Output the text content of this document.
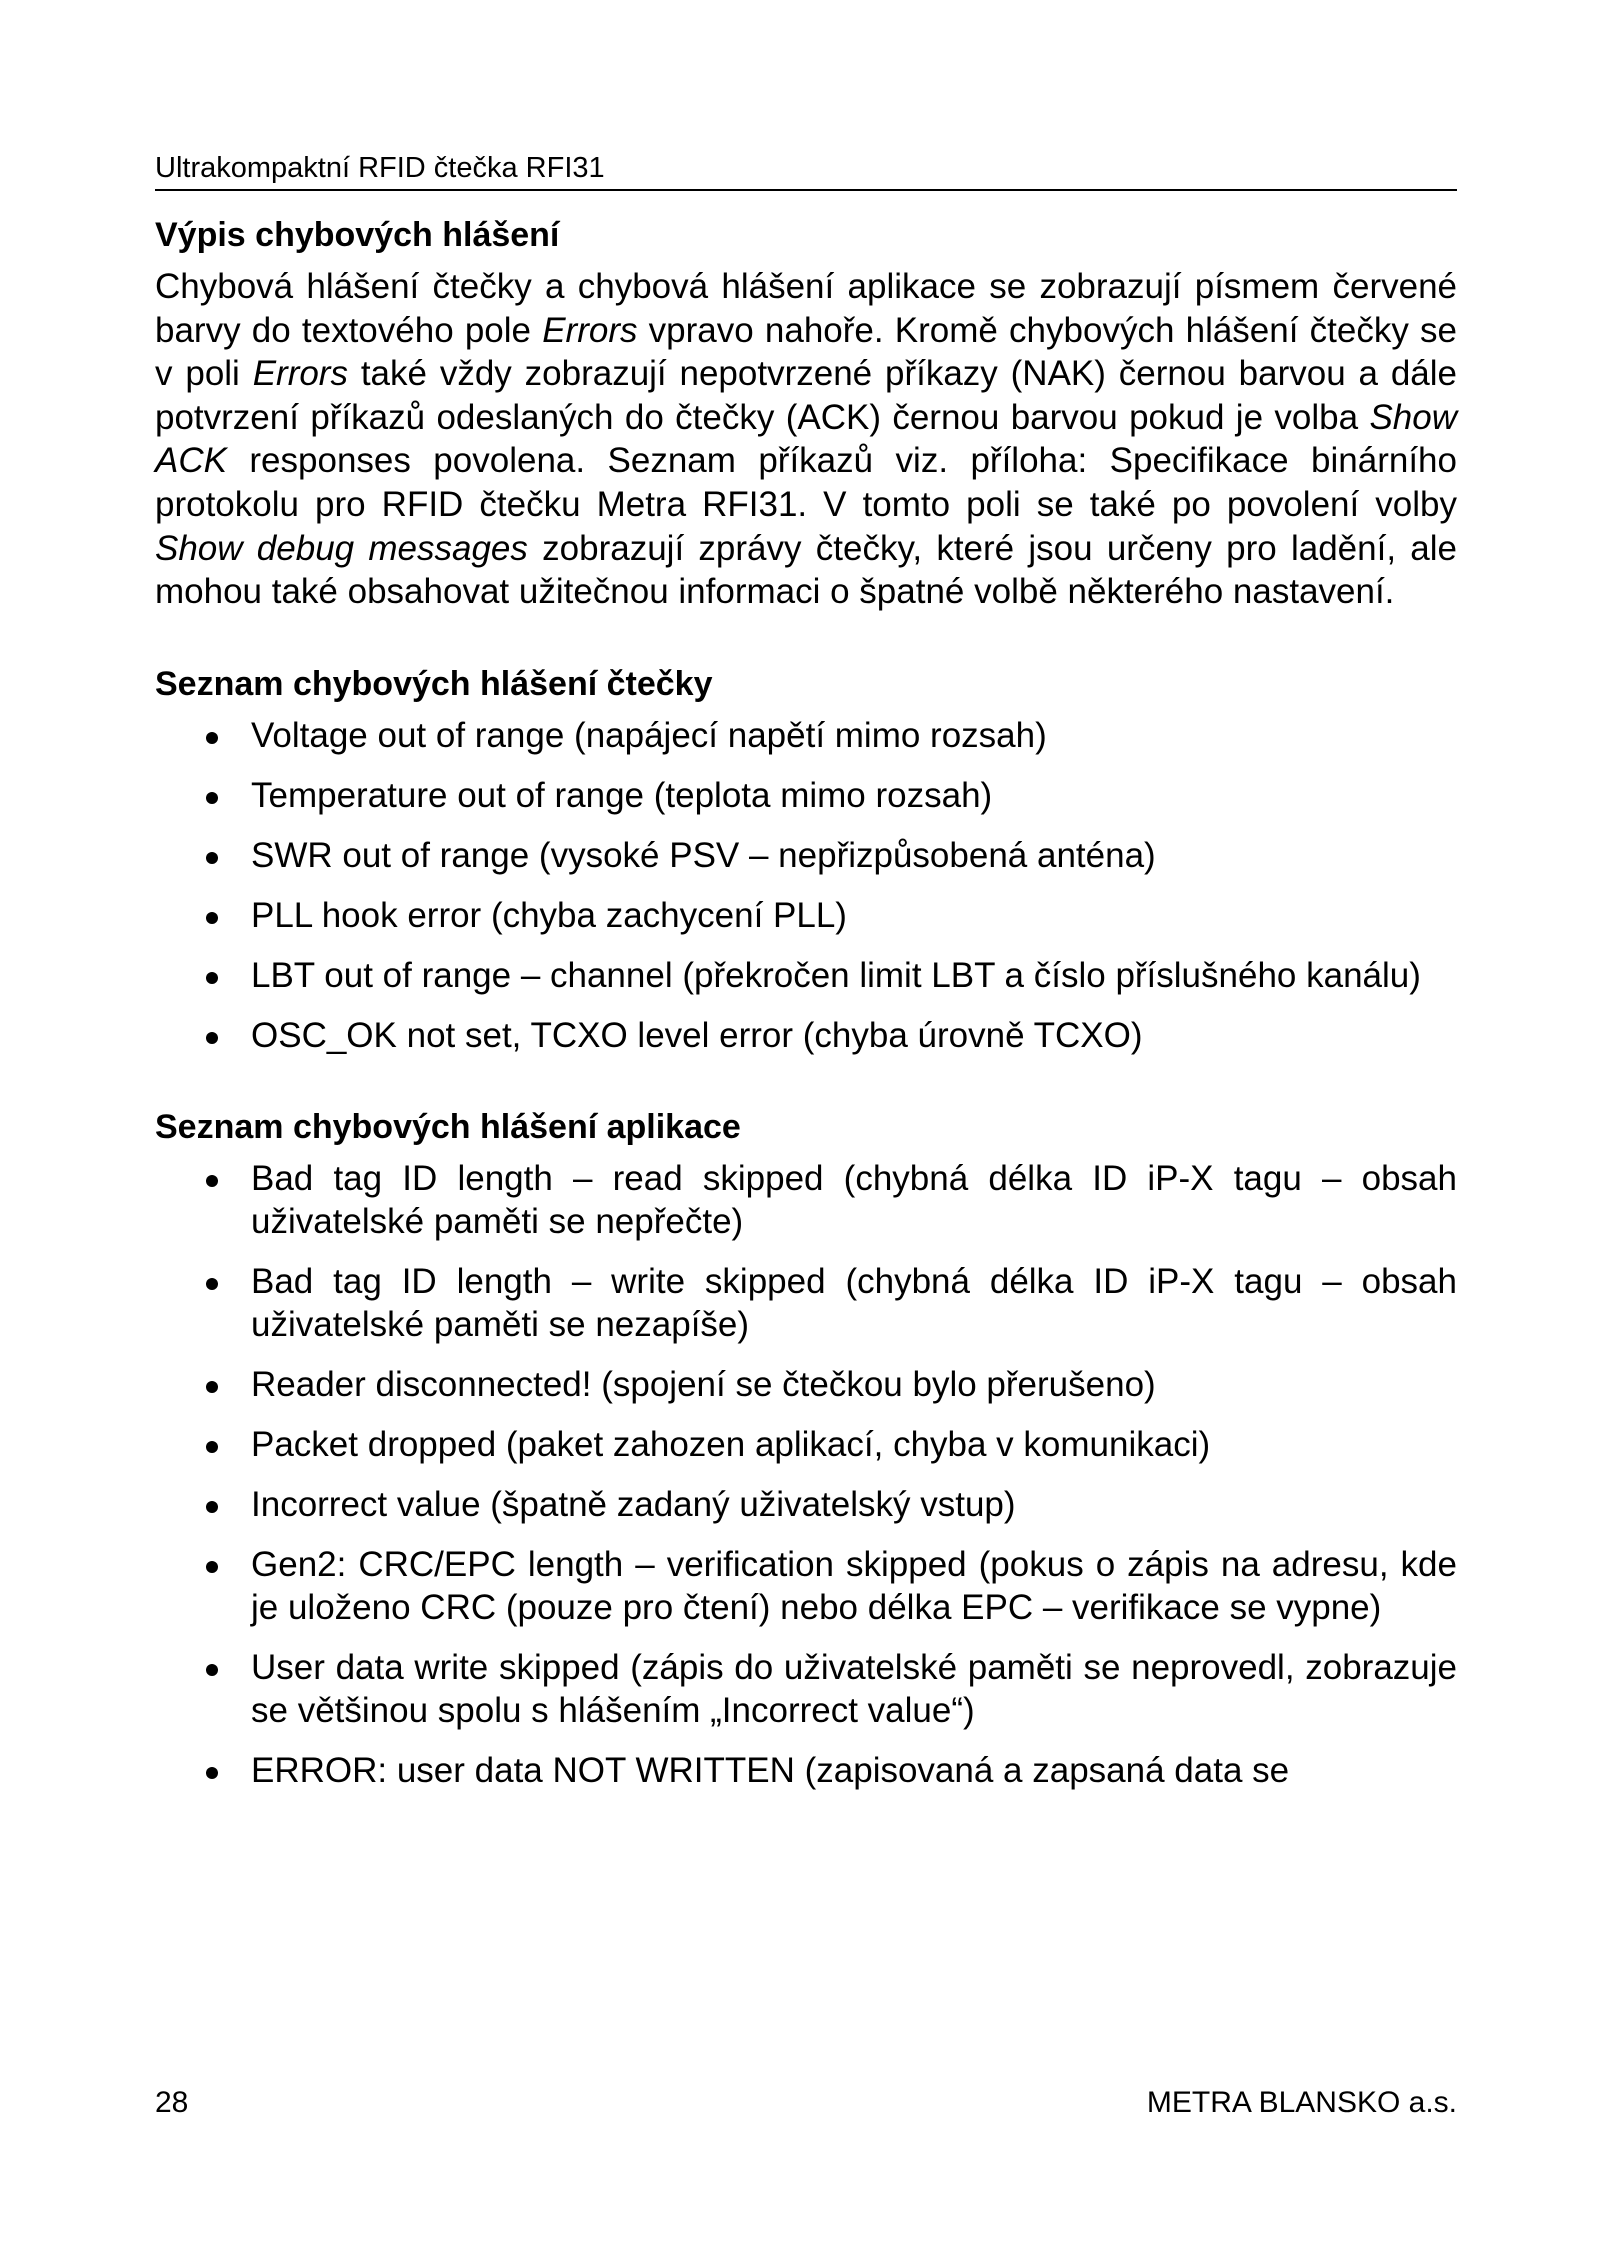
Ultrakompaktní RFID čtečka RFI31
Výpis chybových hlášení

Chybová hlášení čtečky a chybová hlášení aplikace se zobrazují písmem červené barvy do textového pole Errors vpravo nahoře. Kromě chybových hlášení čtečky se v poli Errors také vždy zobrazují nepotvrzené příkazy (NAK) černou barvou a dále potvrzení příkazů odeslaných do čtečky (ACK) černou barvou pokud je volba Show ACK responses povolena. Seznam příkazů viz. příloha: Specifikace binárního protokolu pro RFID čtečku Metra RFI31. V tomto poli se také po povolení volby Show debug messages zobrazují zprávy čtečky, které jsou určeny pro ladění, ale mohou také obsahovat užitečnou informaci o špatné volbě některého nastavení.

Seznam chybových hlášení čtečky
Voltage out of range (napájecí napětí mimo rozsah)
Temperature out of range (teplota mimo rozsah)
SWR out of range (vysoké PSV – nepřizpůsobená anténa)
PLL hook error (chyba zachycení PLL)
LBT out of range – channel (překročen limit LBT a číslo příslušného kanálu)
OSC_OK not set, TCXO level error (chyba úrovně TCXO)
Seznam chybových hlášení aplikace
Bad tag ID length – read skipped (chybná délka ID iP-X tagu – obsah uživatelské paměti se nepřečte)
Bad tag ID length – write skipped (chybná délka ID iP-X tagu – obsah uživatelské paměti se nezapíše)
Reader disconnected! (spojení se čtečkou bylo přerušeno)
Packet dropped (paket zahozen aplikací, chyba v komunikaci)
Incorrect value (špatně zadaný uživatelský vstup)
Gen2: CRC/EPC length – verification skipped (pokus o zápis na adresu, kde je uloženo CRC (pouze pro čtení) nebo délka EPC – verifikace se vypne)
User data write skipped (zápis do uživatelské paměti se neprovedl, zobrazuje se většinou spolu s hlášením „Incorrect value“)
ERROR: user data NOT WRITTEN (zapisovaná a zapsaná data se
28	METRA BLANSKO a.s.
